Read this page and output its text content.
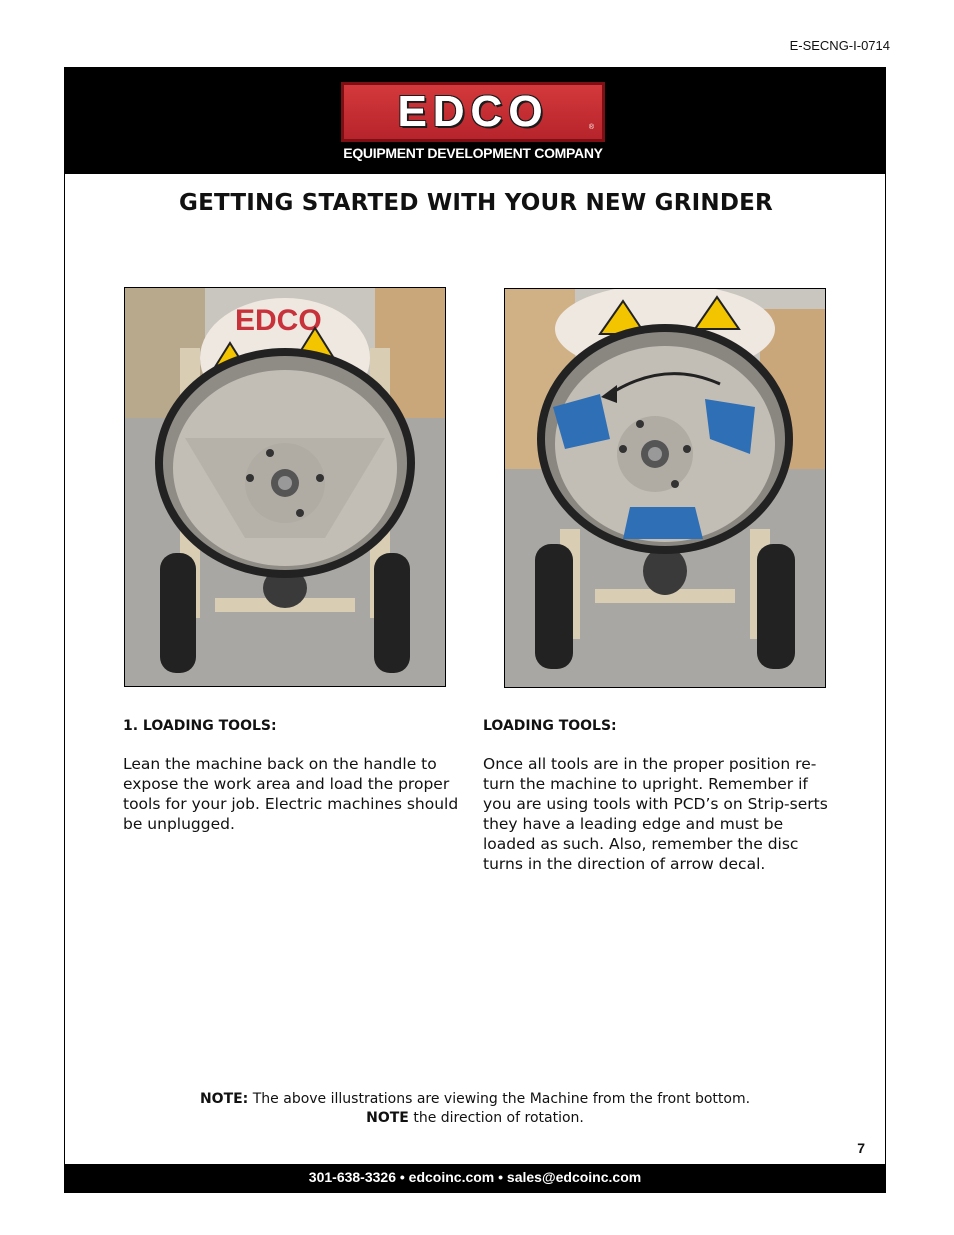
E-SECNG-I-0714
EDCO	®
EQUIPMENT DEVELOPMENT COMPANY
GETTING STARTED WITH YOUR NEW GRINDER
EDCO
1. LOADING TOOLS:

Lean the machine back on the handle to expose the work area and load the proper tools for your job. Electric machines should be unplugged.

LOADING TOOLS:

Once all tools are in the proper position re-turn the machine to upright. Remember if you are using tools with PCD’s on Strip-serts they have a leading edge and must be loaded as such. Also, remember the disc turns in the direction of arrow decal.

NOTE: The above illustrations are viewing the Machine from the front bottom.
NOTE the direction of rotation.
7
301-638-3326 • edcoinc.com • sales@edcoinc.com
